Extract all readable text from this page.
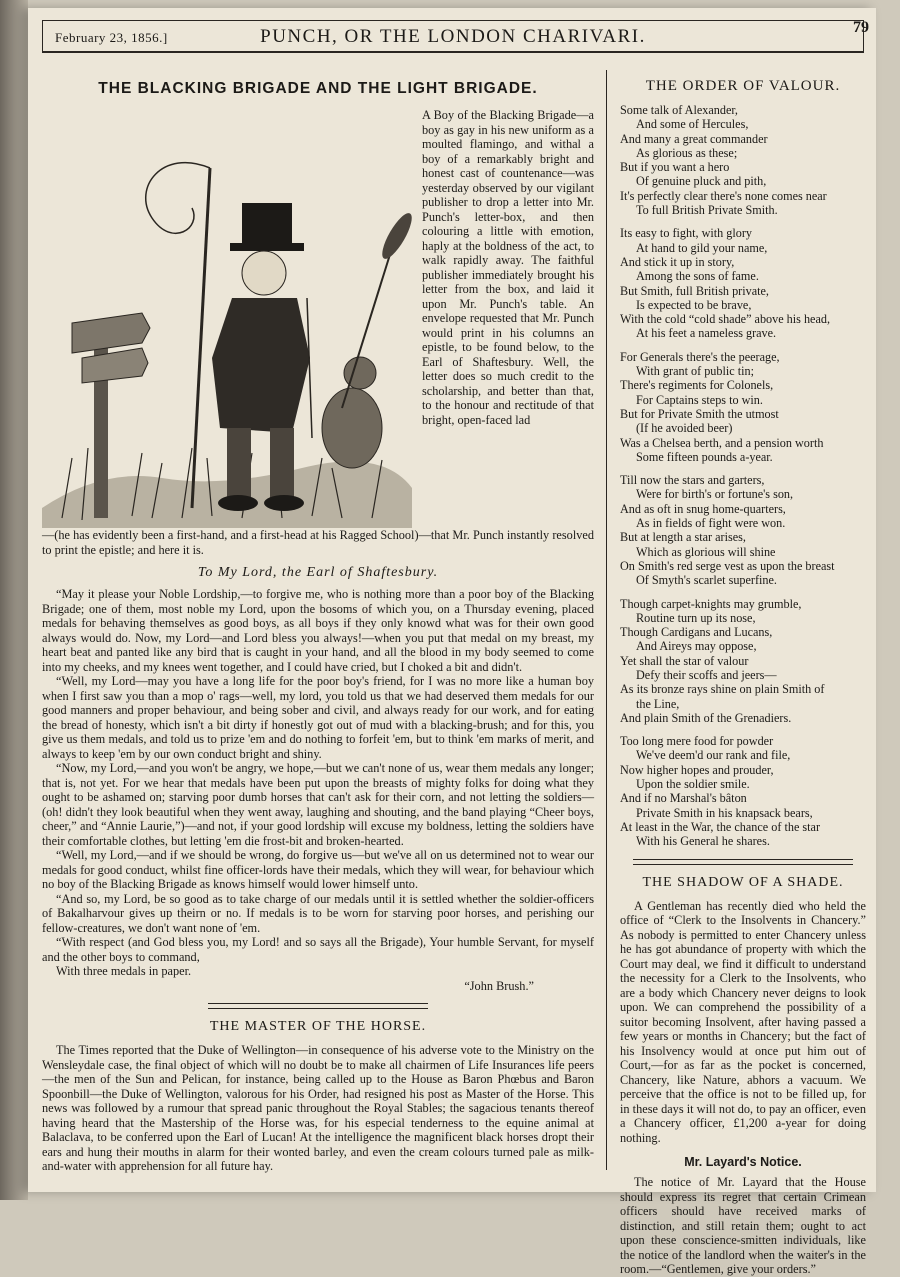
February 23, 1856.]	PUNCH, OR THE LONDON CHARIVARI.	79
THE BLACKING BRIGADE AND THE LIGHT BRIGADE.
A Boy of the Blacking Brigade—a boy as gay in his new uniform as a moulted flamingo, and withal a boy of a remarkably bright and honest cast of countenance—was yesterday observed by our vigilant publisher to drop a letter into Mr. Punch's letter-box, and then colouring a little with emotion, haply at the boldness of the act, to walk rapidly away. The faithful publisher immediately brought his letter from the box, and laid it upon Mr. Punch's table. An envelope requested that Mr. Punch would print in his columns an epistle, to be found below, to the Earl of Shaftesbury. Well, the letter does so much credit to the scholarship, and better than that, to the honour and rectitude of that bright, open-faced lad

—(he has evidently been a first-hand, and a first-head at his Ragged School)—that Mr. Punch instantly resolved to print the epistle; and here it is.

To My Lord, the Earl of Shaftesbury.

“May it please your Noble Lordship,—to forgive me, who is nothing more than a poor boy of the Blacking Brigade; one of them, most noble my Lord, upon the bosoms of which you, on a Thursday evening, placed medals for behaving themselves as good boys, as all boys if they only knowd what was for their own good always would do. Now, my Lord—and Lord bless you always!—when you put that medal on my breast, my heart beat and panted like any bird that is caught in your hand, and all the blood in my body seemed to come into my cheeks, and my knees went together, and I could have cried, but I choked a bit and didn't.

“Well, my Lord—may you have a long life for the poor boy's friend, for I was no more like a human boy when I first saw you than a mop o' rags—well, my lord, you told us that we had deserved them medals for our good manners and proper behaviour, and being sober and civil, and always ready for our work, and for eating the bread of honesty, which isn't a bit dirty if honestly got out of mud with a blacking-brush; and for this, you give us them medals, and told us to prize 'em and do nothing to forfeit 'em, but to think 'em marks of merit, and always to keep 'em by our own conduct bright and shiny.

“Now, my Lord,—and you won't be angry, we hope,—but we can't none of us, wear them medals any longer; that is, not yet. For we hear that medals have been put upon the breasts of mighty folks for doing what they ought to be ashamed on; starving poor dumb horses that can't ask for their corn, and not letting the soldiers—(oh! didn't they look beautiful when they went away, laughing and shouting, and the band playing “Cheer boys, cheer,” and “Annie Laurie,”)—and not, if your good lordship will excuse my boldness, letting the soldiers have their comfortable clothes, but letting 'em die frost-bit and broken-hearted.

“Well, my Lord,—and if we should be wrong, do forgive us—but we've all on us determined not to wear our medals for good conduct, whilst fine officer-lords have their medals, which they will wear, for behaviour which no boy of the Blacking Brigade as knows himself would lower himself unto.

“And so, my Lord, be so good as to take charge of our medals until it is settled whether the soldier-officers of Bakalharvour gives up theirn or no. If medals is to be worn for starving poor horses, and perishing our fellow-creatures, we don't want none of 'em.

“With respect (and God bless you, my Lord! and so says all the Brigade), Your humble Servant, for myself and the other boys to command,

With three medals in paper.

“John Brush.”

THE MASTER OF THE HORSE.

The Times reported that the Duke of Wellington—in consequence of his adverse vote to the Ministry on the Wensleydale case, the final object of which will no doubt be to make all chairmen of Life Insurances life peers—the men of the Sun and Pelican, for instance, being called up to the House as Baron Phœbus and Baron Spoonbill—the Duke of Wellington, valorous for his Order, had resigned his post as Master of the Horse. This news was followed by a rumour that spread panic throughout the Royal Stables; the sagacious tenants thereof having heard that the Mastership of the Horse was, for his especial tenderness to the equine animal at Balaclava, to be conferred upon the Earl of Lucan! At the intelligence the magnificent black horses dropt their ears and hung their mouths in alarm for their wonted barley, and even the cream colours turned pale as milk-and-water with apprehension for all future hay.

THE ORDER OF VALOUR.
Some talk of Alexander,
And some of Hercules,
And many a great commander
As glorious as these;
But if you want a hero
Of genuine pluck and pith,
It's perfectly clear there's none comes near
To full British Private Smith.
Its easy to fight, with glory
At hand to gild your name,
And stick it up in story,
Among the sons of fame.
But Smith, full British private,
Is expected to be brave,
With the cold “cold shade” above his head,
At his feet a nameless grave.
For Generals there's the peerage,
With grant of public tin;
There's regiments for Colonels,
For Captains steps to win.
But for Private Smith the utmost
(If he avoided beer)
Was a Chelsea berth, and a pension worth
Some fifteen pounds a-year.
Till now the stars and garters,
Were for birth's or fortune's son,
And as oft in snug home-quarters,
As in fields of fight were won.
But at length a star arises,
Which as glorious will shine
On Smith's red serge vest as upon the breast
Of Smyth's scarlet superfine.
Though carpet-knights may grumble,
Routine turn up its nose,
Though Cardigans and Lucans,
And Aireys may oppose,
Yet shall the star of valour
Defy their scoffs and jeers—
As its bronze rays shine on plain Smith of
the Line,
And plain Smith of the Grenadiers.
Too long mere food for powder
We've deem'd our rank and file,
Now higher hopes and prouder,
Upon the soldier smile.
And if no Marshal's bâton
Private Smith in his knapsack bears,
At least in the War, the chance of the star
With his General he shares.
THE SHADOW OF A SHADE.

A Gentleman has recently died who held the office of “Clerk to the Insolvents in Chancery.” As nobody is permitted to enter Chancery unless he has got abundance of property with which the Court may deal, we find it difficult to understand the necessity for a Clerk to the Insolvents, who are a body which Chancery never deigns to look upon. We can comprehend the possibility of a suitor becoming Insolvent, after having passed a few years or months in Chancery; but the fact of his Insolvency would at once put him out of Court,—for as far as the pocket is concerned, Chancery, like Nature, abhors a vacuum. We perceive that the office is not to be filled up, for in these days it will not do, to pay an officer, even a Chancery officer, £1,200 a-year for doing nothing.

Mr. Layard's Notice.

The notice of Mr. Layard that the House should express its regret that certain Crimean officers should have received marks of distinction, and still retain them; ought to act upon these conscience-smitten individuals, like the notice of the landlord when the waiter's in the room.—“Gentlemen, give your orders.”
